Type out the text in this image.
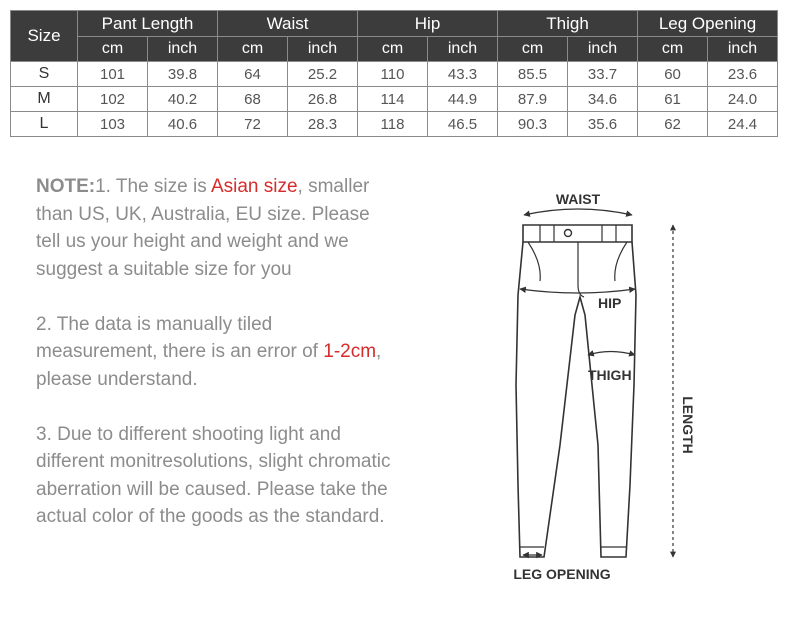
Size	Pant Length		Waist		Hip		Thigh		Leg Opening	
	cm	inch	cm	inch	cm	inch	cm	inch	cm	inch
S	101	39.8	64	25.2	110	43.3	85.5	33.7	60	23.6
M	102	40.2	68	26.8	114	44.9	87.9	34.6	61	24.0
L	103	40.6	72	28.3	118	46.5	90.3	35.6	62	24.4

NOTE:1. The size is Asian size, smaller than US, UK, Australia, EU size. Please tell us your height and weight and we suggest a suitable size for you

2. The data is manually tiled measurement, there is an error of 1-2cm, please understand.

3. Due to different shooting light and different monitresolutions, slight chromatic aberration will be caused. Please take the actual color of the goods as the standard.

WAIST
HIP
THIGH
LEG OPENING
LENGTH
